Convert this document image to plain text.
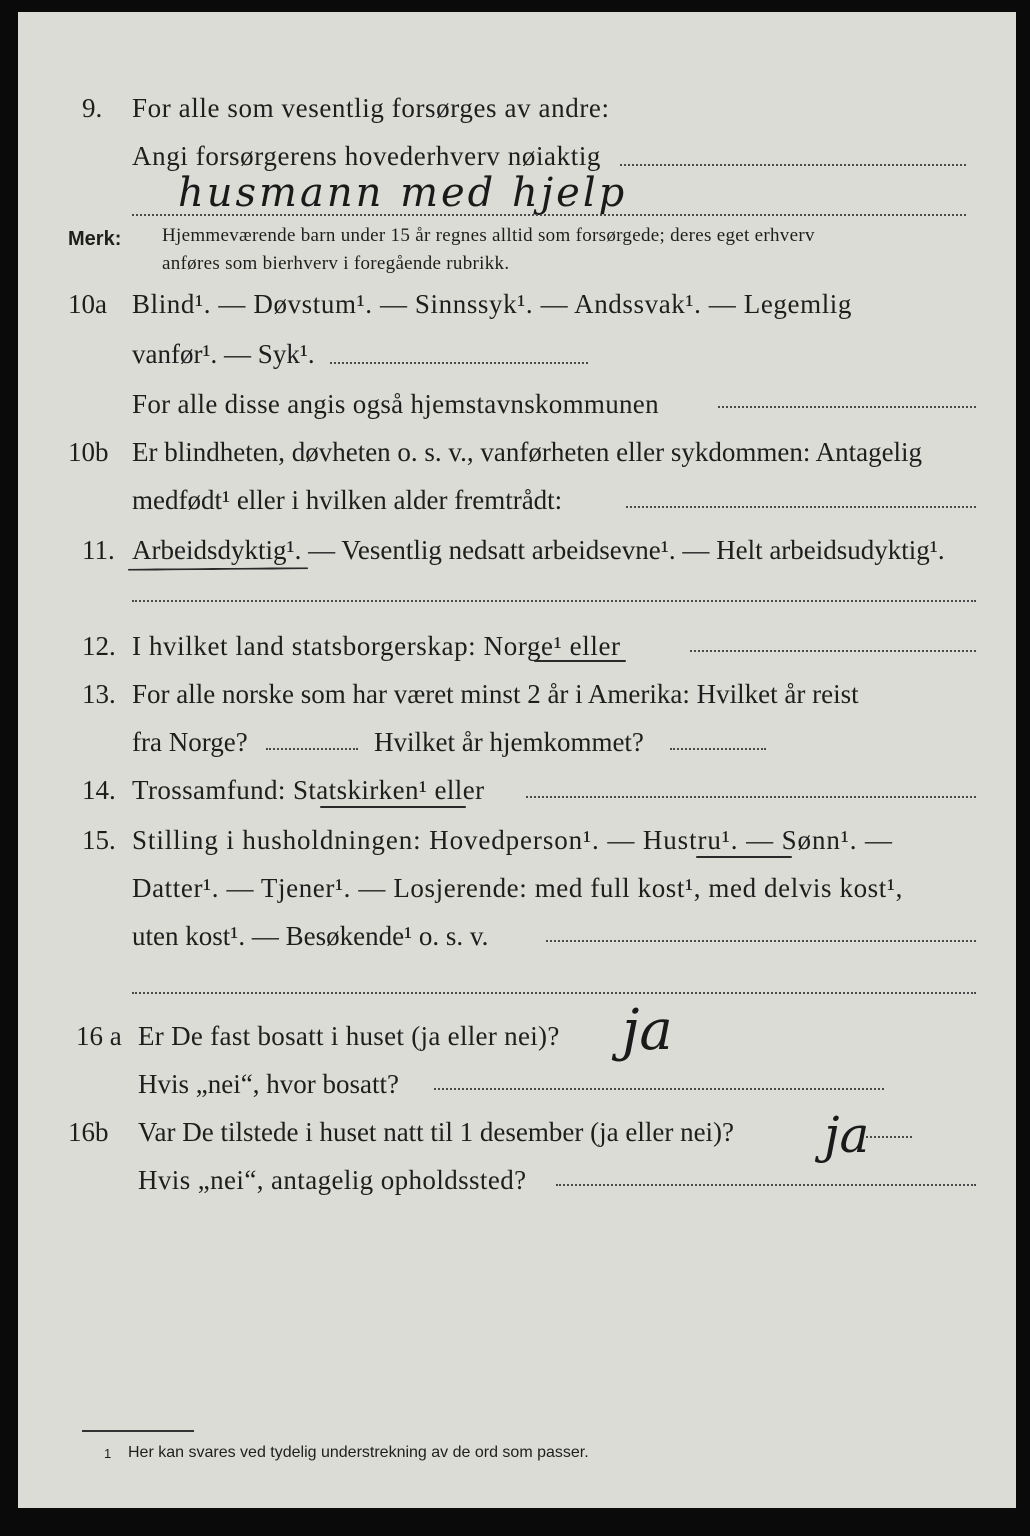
9. For alle som vesentlig forsørges av andre:
Angi forsørgerens hovederhverv nøiaktig
husmann med hjelp
Merk: Hjemmeværende barn under 15 år regnes alltid som forsørgede; deres eget erhverv
anføres som bierhverv i foregående rubrikk.
10a Blind¹. — Døvstum¹. — Sinnssyk¹. — Andssvak¹. — Legemlig
vanfør¹. — Syk¹.
For alle disse angis også hjemstavnskommunen
10b Er blindheten, døvheten o. s. v., vanførheten eller sykdommen: Antagelig
medfødt¹ eller i hvilken alder fremtrådt:
11. Arbeidsdyktig¹. — Vesentlig nedsatt arbeidsevne¹. — Helt arbeidsudyktig¹.
12. I hvilket land statsborgerskap: Norge¹ eller
13. For alle norske som har været minst 2 år i Amerika: Hvilket år reist
fra Norge?	Hvilket år hjemkommet?
14. Trossamfund: Statskirken¹ eller
15. Stilling i husholdningen: Hovedperson¹. — Hustru¹. — Sønn¹. —
Datter¹. — Tjener¹. — Losjerende: med full kost¹, med delvis kost¹,
uten kost¹. — Besøkende¹ o. s. v.
16 a Er De fast bosatt i huset (ja eller nei)? ja
Hvis „nei“, hvor bosatt?
16b Var De tilstede i huset natt til 1 desember (ja eller nei)? ja
Hvis „nei“, antagelig opholdssted?
1 Her kan svares ved tydelig understrekning av de ord som passer.
